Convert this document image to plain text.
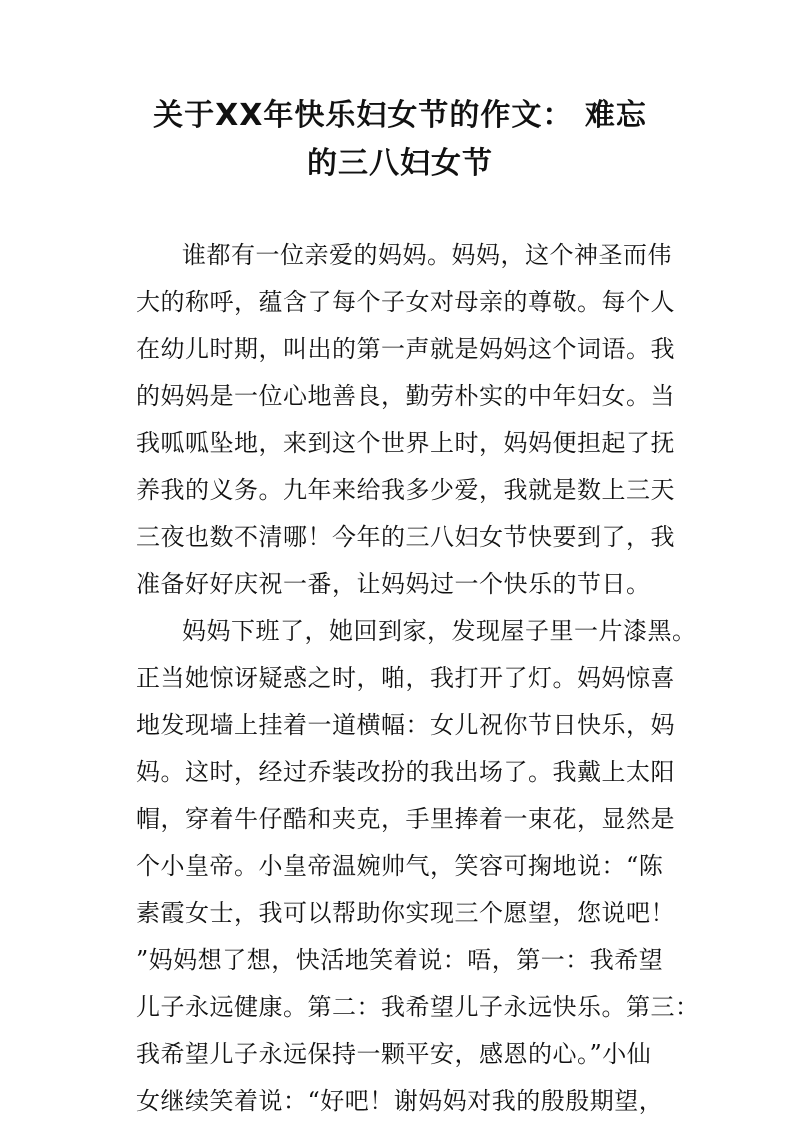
关于XX年快乐妇女节的作文： 难忘
的三八妇女节
谁都有一位亲爱的妈妈。妈妈，这个神圣而伟
大的称呼，蕴含了每个子女对母亲的尊敬。每个人
在幼儿时期，叫出的第一声就是妈妈这个词语。我
的妈妈是一位心地善良，勤劳朴实的中年妇女。当
我呱呱坠地，来到这个世界上时，妈妈便担起了抚
养我的义务。九年来给我多少爱，我就是数上三天
三夜也数不清哪！今年的三八妇女节快要到了，我
准备好好庆祝一番，让妈妈过一个快乐的节日。
妈妈下班了，她回到家，发现屋子里一片漆黑。
正当她惊讶疑惑之时，啪，我打开了灯。妈妈惊喜
地发现墙上挂着一道横幅：女儿祝你节日快乐，妈
妈。这时，经过乔装改扮的我出场了。我戴上太阳
帽，穿着牛仔酷和夹克，手里捧着一束花，显然是
个小皇帝。小皇帝温婉帅气，笑容可掬地说：“陈
素霞女士，我可以帮助你实现三个愿望，您说吧！
”妈妈想了想，快活地笑着说：唔，第一：我希望
儿子永远健康。第二：我希望儿子永远快乐。第三：
我希望儿子永远保持一颗平安，感恩的心。”小仙
女继续笑着说：“好吧！谢妈妈对我的殷殷期望，
